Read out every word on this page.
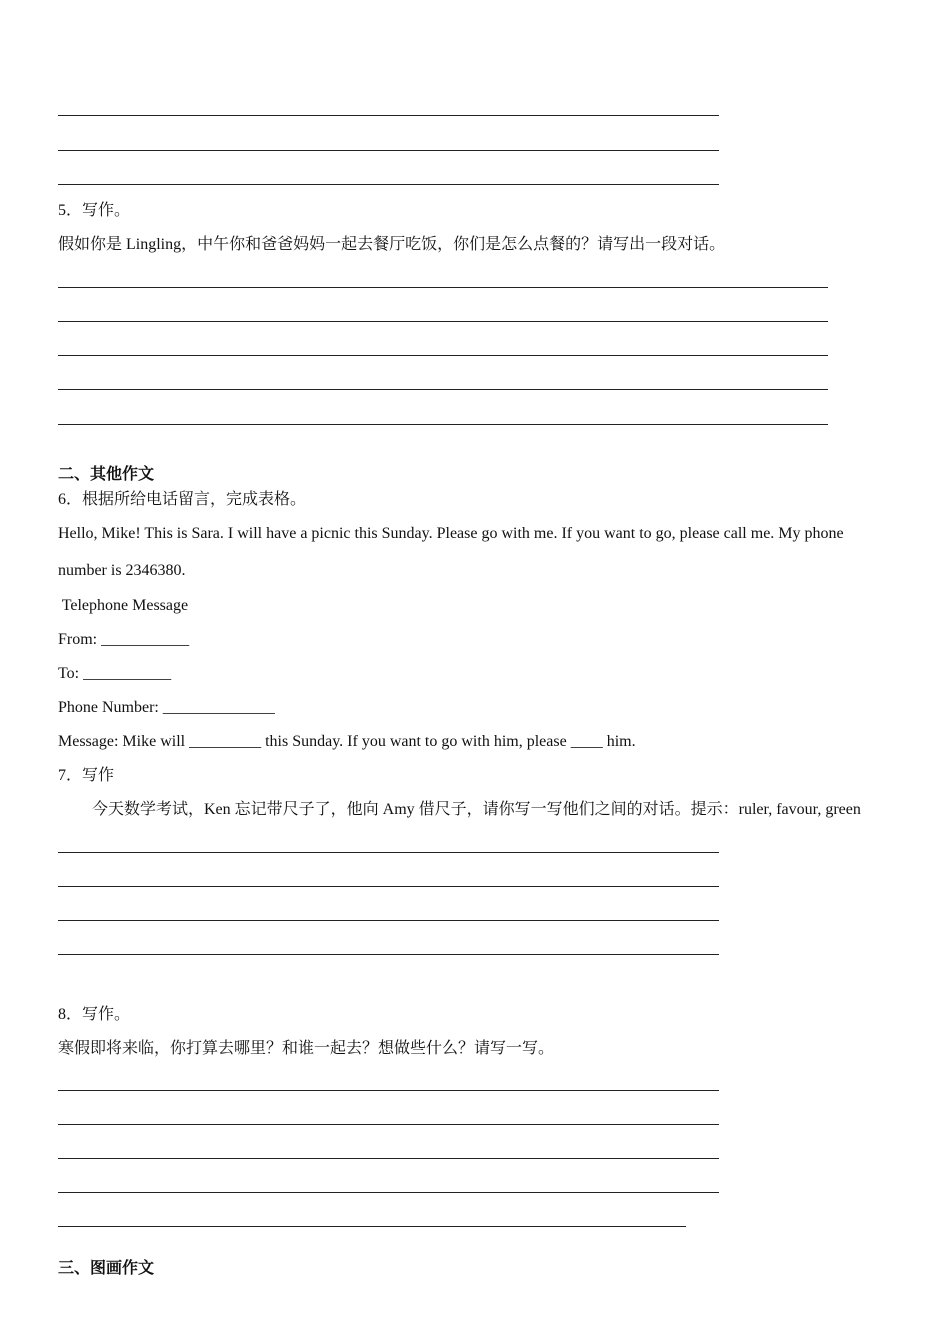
5．写作。
假如你是 Lingling，中午你和爸爸妈妈一起去餐厅吃饭，你们是怎么点餐的？请写出一段对话。
二、其他作文
6．根据所给电话留言，完成表格。
Hello, Mike! This is Sara. I will have a picnic this Sunday. Please go with me. If you want to go, please call me. My phone
number is 2346380.
Telephone Message
From: ___________
To: ___________
Phone Number: ______________
Message: Mike will _________ this Sunday. If you want to go with him, please ____ him.
7．写作
今天数学考试，Ken 忘记带尺子了，他向 Amy 借尺子，请你写一写他们之间的对话。提示：ruler, favour, green
8．写作。
寒假即将来临，你打算去哪里？和谁一起去？想做些什么？请写一写。
三、图画作文
